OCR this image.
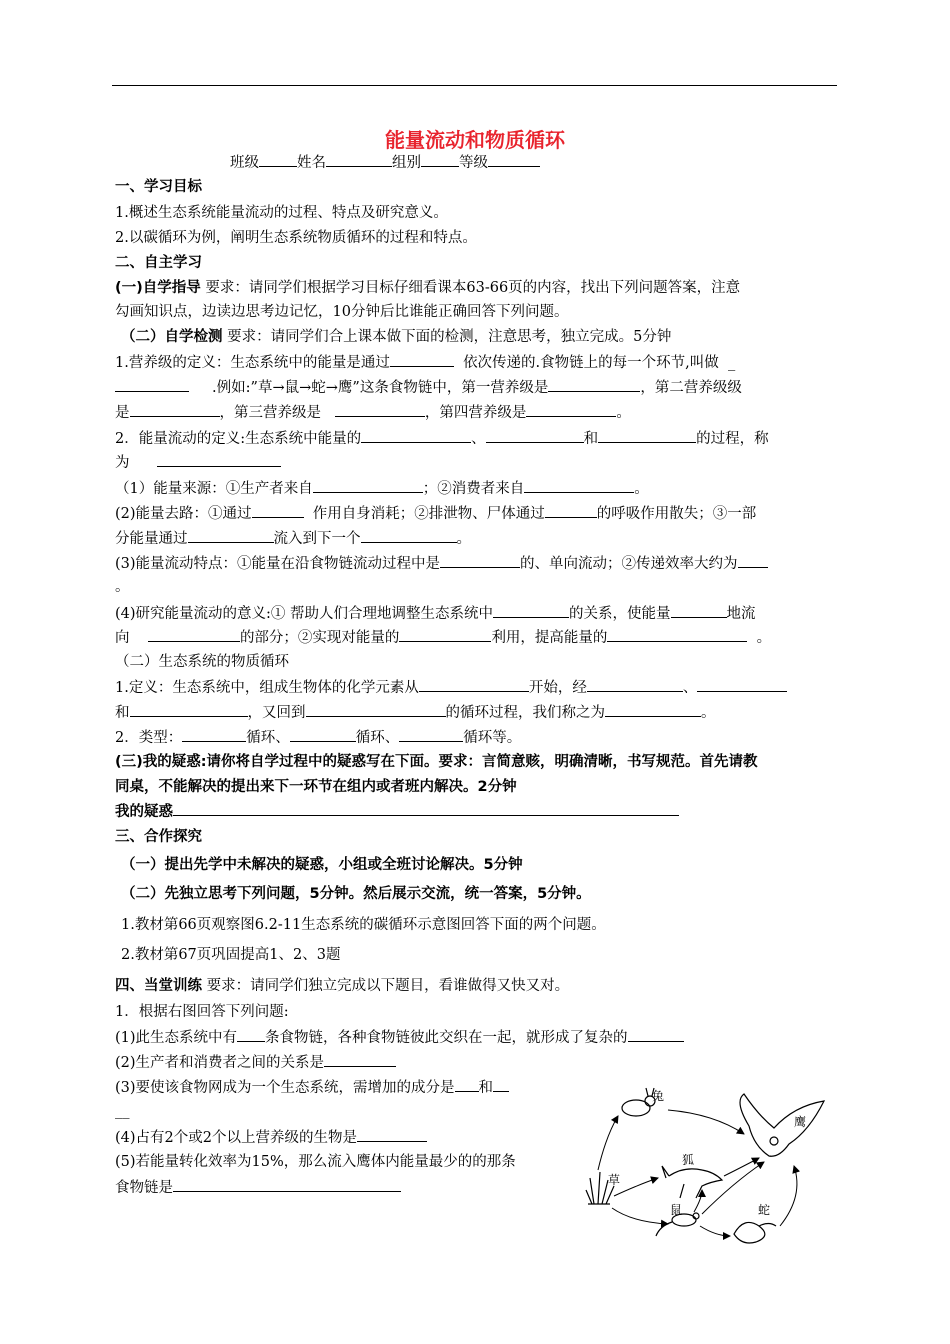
能量流动和物质循环
班级	姓名	组别	等级
一、学习目标
1.概述生态系统能量流动的过程、特点及研究意义。
2.以碳循环为例，阐明生态系统物质循环的过程和特点。
二、自主学习
(一)自学指导 要求：请同学们根据学习目标仔细看课本63-66页的内容，找出下列问题答案，注意
勾画知识点，边读边思考边记忆，10分钟后比谁能正确回答下列问题。
（二）自学检测 要求：请同学们合上课本做下面的检测，注意思考，独立完成。5分钟
1.营养级的定义：生态系统中的能量是通过	依次传递的.食物链上的每一个环节,叫做 _
.例如:”草→鼠→蛇→鹰”这条食物链中，第一营养级是	，第二营养级级
是	，第三营养级是	，第四营养级是	。
2．能量流动的定义:生态系统中能量的	、	和	的过程，称
为
（1）能量来源：①生产者来自	；②消费者来自	。
(2)能量去路：①通过	作用自身消耗；②排泄物、尸体通过	的呼吸作用散失；③一部
分能量通过	流入到下一个	。
(3)能量流动特点：①能量在沿食物链流动过程中是	的、单向流动；②传递效率大约为
。
(4)研究能量流动的意义:① 帮助人们合理地调整生态系统中	的关系，使能量	地流
向	的部分；②实现对能量的	利用，提高能量的	。
（二）生态系统的物质循环
1.定义：生态系统中，组成生物体的化学元素从	开始，经	、
和	，又回到	的循环过程，我们称之为	。
2．类型：	循环、	循环、	循环等。
(三)我的疑惑:请你将自学过程中的疑惑写在下面。要求：言简意赅，明确清晰，书写规范。首先请教
同桌，不能解决的提出来下一环节在组内或者班内解决。2分钟
我的疑惑
三、合作探究
（一）提出先学中未解决的疑惑，小组或全班讨论解决。5分钟
（二）先独立思考下列问题，5分钟。然后展示交流，统一答案，5分钟。
1.教材第66页观察图6.2-11生态系统的碳循环示意图回答下面的两个问题。
2.教材第67页巩固提高1、2、3题
四、当堂训练 要求：请同学们独立完成以下题目，看谁做得又快又对。
1．根据右图回答下列问题:
(1)此生态系统中有 条食物链，各种食物链彼此交织在一起，就形成了复杂的
(2)生产者和消费者之间的关系是
(3)要使该食物网成为一个生态系统，需增加的成分是 和
__
(4)占有2个或2个以上营养级的生物是
(5)若能量转化效率为15%，那么流入鹰体内能量最少的的那条
食物链是
兔
鹰
狐
草
鼠	蛇
